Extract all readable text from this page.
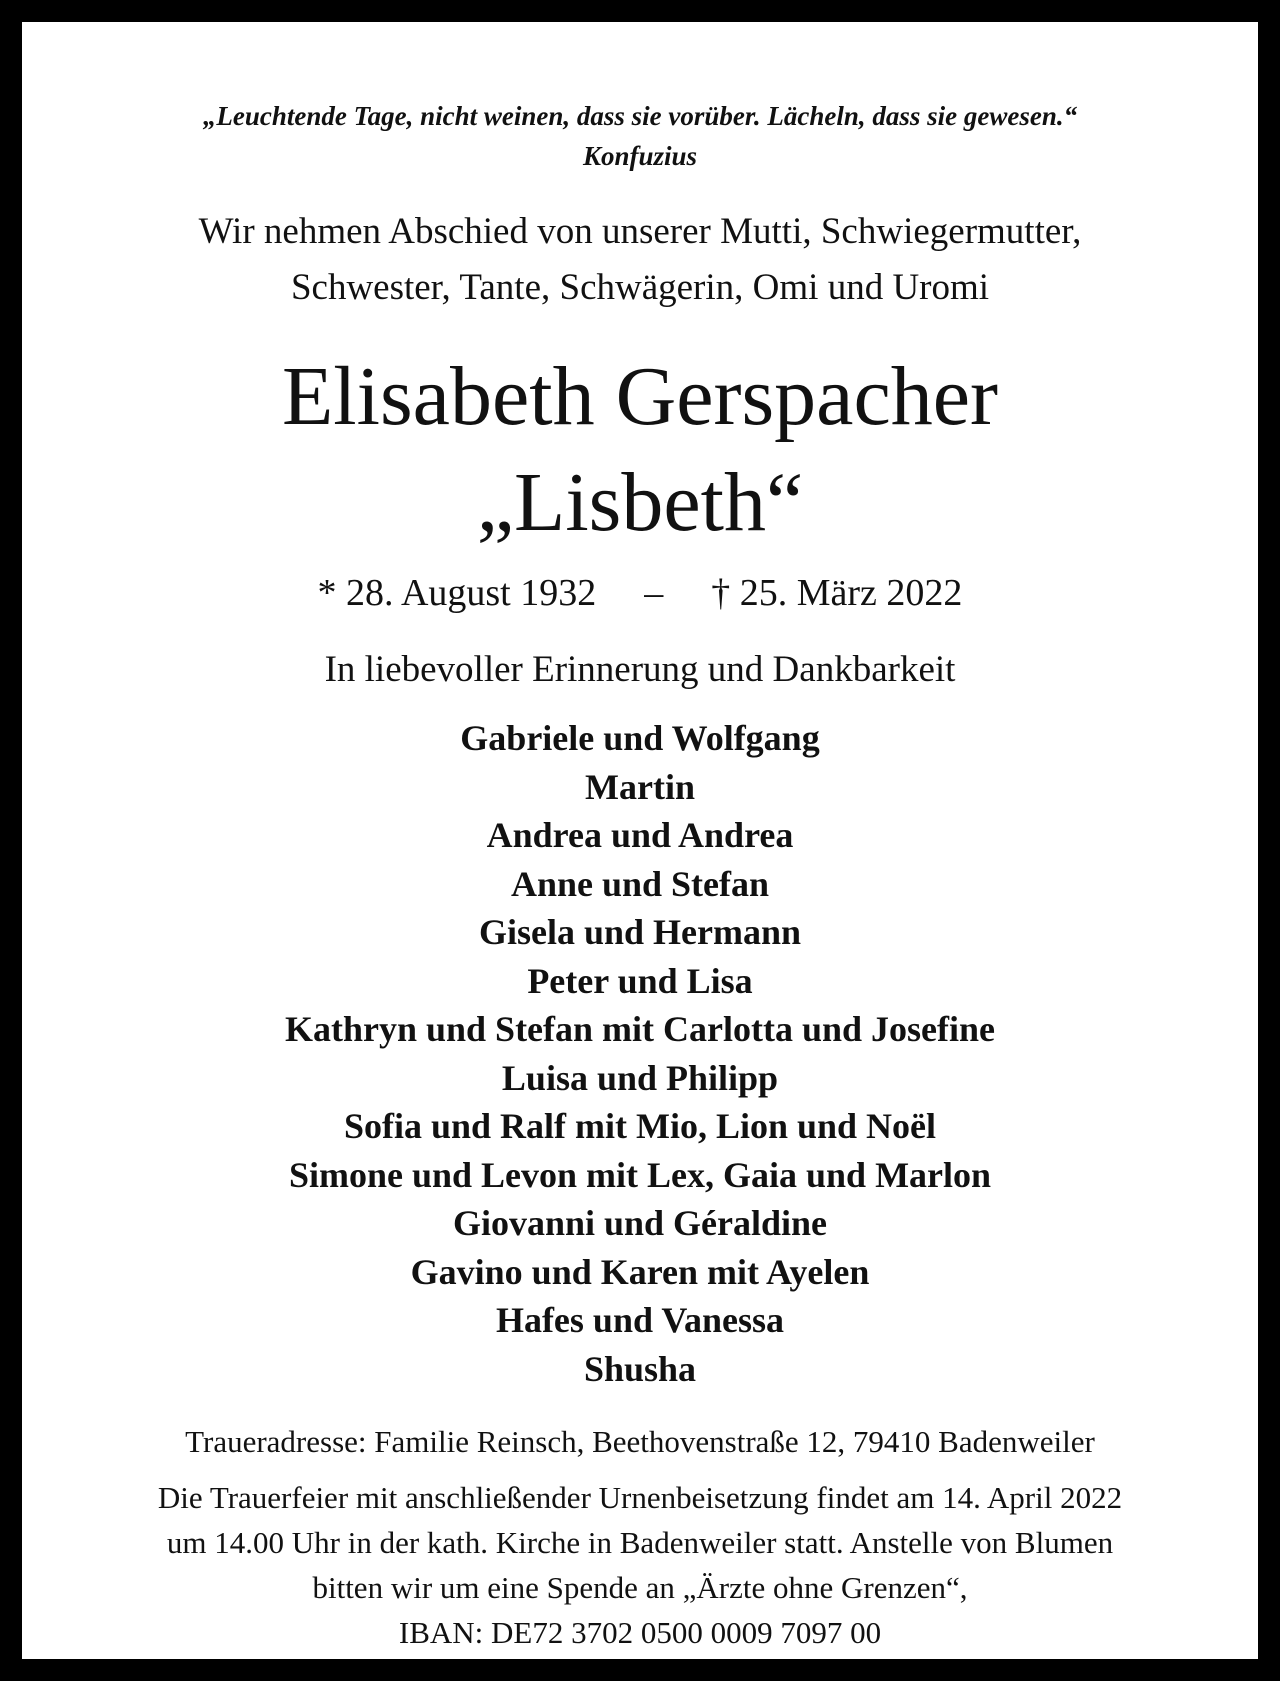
„Leuchtende Tage, nicht weinen, dass sie vorüber. Lächeln, dass sie gewesen.“
Konfuzius
Wir nehmen Abschied von unserer Mutti, Schwiegermutter,
Schwester, Tante, Schwägerin, Omi und Uromi
Elisabeth Gerspacher
„Lisbeth“
* 28. August 1932 – † 25. März 2022
In liebevoller Erinnerung und Dankbarkeit
Gabriele und Wolfgang
Martin
Andrea und Andrea
Anne und Stefan
Gisela und Hermann
Peter und Lisa
Kathryn und Stefan mit Carlotta und Josefine
Luisa und Philipp
Sofia und Ralf mit Mio, Lion und Noël
Simone und Levon mit Lex, Gaia und Marlon
Giovanni und Géraldine
Gavino und Karen mit Ayelen
Hafes und Vanessa
Shusha
Traueradresse: Familie Reinsch, Beethovenstraße 12, 79410 Badenweiler
Die Trauerfeier mit anschließender Urnenbeisetzung findet am 14. April 2022
um 14.00 Uhr in der kath. Kirche in Badenweiler statt. Anstelle von Blumen
bitten wir um eine Spende an „Ärzte ohne Grenzen“,
IBAN: DE72 3702 0500 0009 7097 00
